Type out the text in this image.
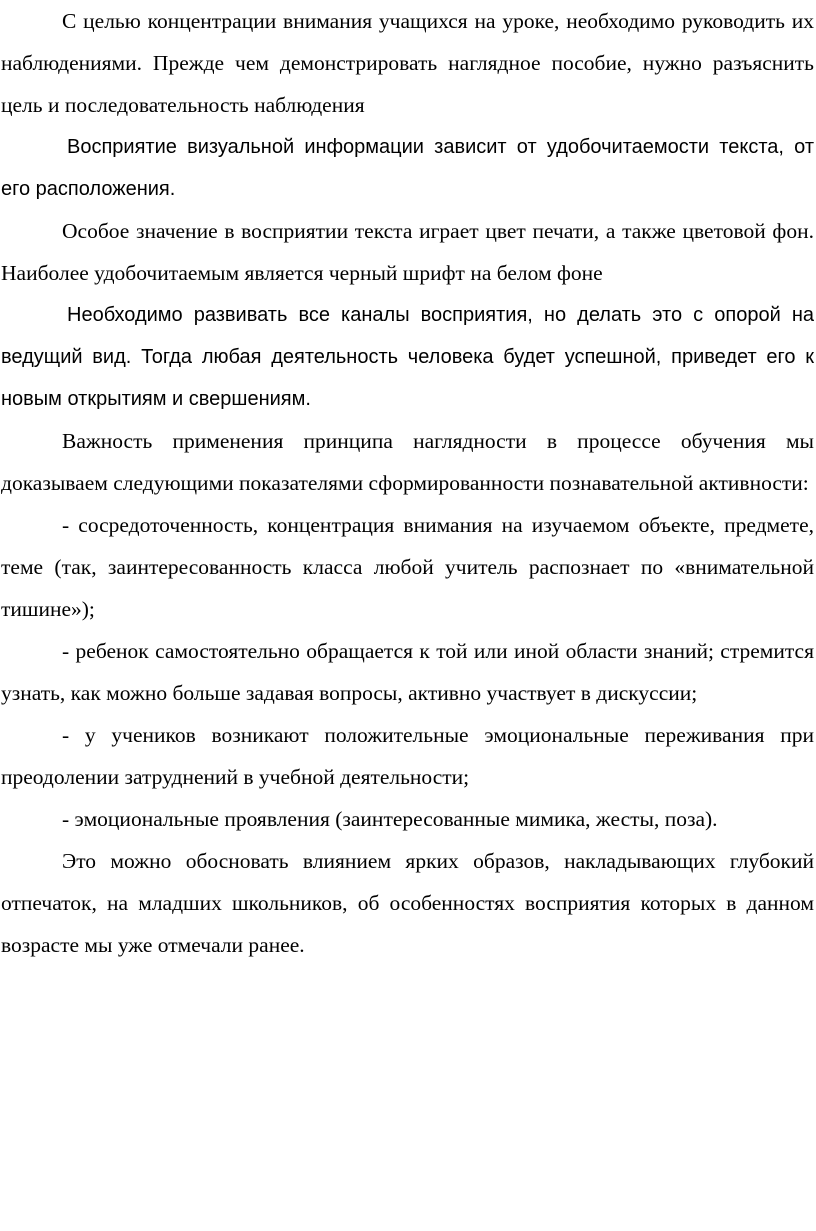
С целью концентрации внимания учащихся на уроке, необходимо руководить их наблюдениями. Прежде чем демонстрировать наглядное пособие, нужно разъяснить цель и последовательность наблюдения

Восприятие визуальной информации зависит от удобочитаемости текста, от его расположения.

Особое значение в восприятии текста играет цвет печати, а также цветовой фон. Наиболее удобочитаемым является черный шрифт на белом фоне

Необходимо развивать все каналы восприятия, но делать это с опорой на ведущий вид. Тогда любая деятельность человека будет успешной, приведет его к новым открытиям и свершениям.

Важность применения принципа наглядности в процессе обучения мы доказываем следующими показателями сформированности познавательной активности:

- сосредоточенность, концентрация внимания на изучаемом объекте, предмете, теме (так, заинтересованность класса любой учитель распознает по «внимательной тишине»);

- ребенок самостоятельно обращается к той или иной области знаний; стремится узнать, как можно больше задавая вопросы, активно участвует в дискуссии;

- у учеников возникают положительные эмоциональные переживания при преодолении затруднений в учебной деятельности;

- эмоциональные проявления (заинтересованные мимика, жесты, поза).

Это можно обосновать влиянием ярких образов, накладывающих глубокий отпечаток, на младших школьников, об особенностях восприятия которых в данном возрасте мы уже отмечали ранее.
